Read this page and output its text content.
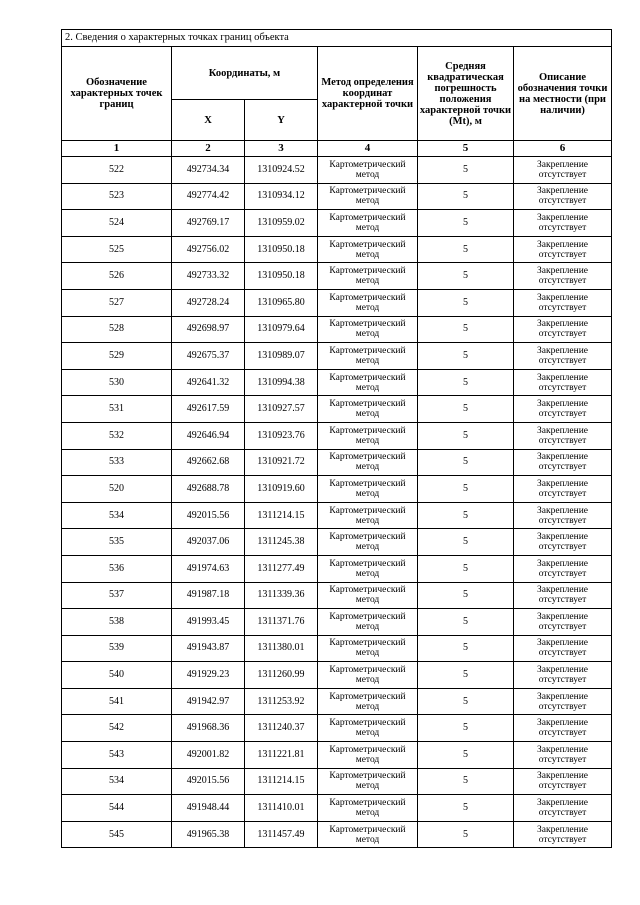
2. Сведения о характерных точках границ объекта					
Обозначение характерных точек границ	Координаты, м		Метод определения координат характерной точки	Средняя квадратическая погрешность положения характерной точки (Mt), м	Описание обозначения точки на местности (при наличии)
	X	Y			
1	2	3	4	5	6
522	492734.34	1310924.52	Картометрический метод	5	Закрепление отсутствует
523	492774.42	1310934.12	Картометрический метод	5	Закрепление отсутствует
524	492769.17	1310959.02	Картометрический метод	5	Закрепление отсутствует
525	492756.02	1310950.18	Картометрический метод	5	Закрепление отсутствует
526	492733.32	1310950.18	Картометрический метод	5	Закрепление отсутствует
527	492728.24	1310965.80	Картометрический метод	5	Закрепление отсутствует
528	492698.97	1310979.64	Картометрический метод	5	Закрепление отсутствует
529	492675.37	1310989.07	Картометрический метод	5	Закрепление отсутствует
530	492641.32	1310994.38	Картометрический метод	5	Закрепление отсутствует
531	492617.59	1310927.57	Картометрический метод	5	Закрепление отсутствует
532	492646.94	1310923.76	Картометрический метод	5	Закрепление отсутствует
533	492662.68	1310921.72	Картометрический метод	5	Закрепление отсутствует
520	492688.78	1310919.60	Картометрический метод	5	Закрепление отсутствует
534	492015.56	1311214.15	Картометрический метод	5	Закрепление отсутствует
535	492037.06	1311245.38	Картометрический метод	5	Закрепление отсутствует
536	491974.63	1311277.49	Картометрический метод	5	Закрепление отсутствует
537	491987.18	1311339.36	Картометрический метод	5	Закрепление отсутствует
538	491993.45	1311371.76	Картометрический метод	5	Закрепление отсутствует
539	491943.87	1311380.01	Картометрический метод	5	Закрепление отсутствует
540	491929.23	1311260.99	Картометрический метод	5	Закрепление отсутствует
541	491942.97	1311253.92	Картометрический метод	5	Закрепление отсутствует
542	491968.36	1311240.37	Картометрический метод	5	Закрепление отсутствует
543	492001.82	1311221.81	Картометрический метод	5	Закрепление отсутствует
534	492015.56	1311214.15	Картометрический метод	5	Закрепление отсутствует
544	491948.44	1311410.01	Картометрический метод	5	Закрепление отсутствует
545	491965.38	1311457.49	Картометрический метод	5	Закрепление отсутствует
